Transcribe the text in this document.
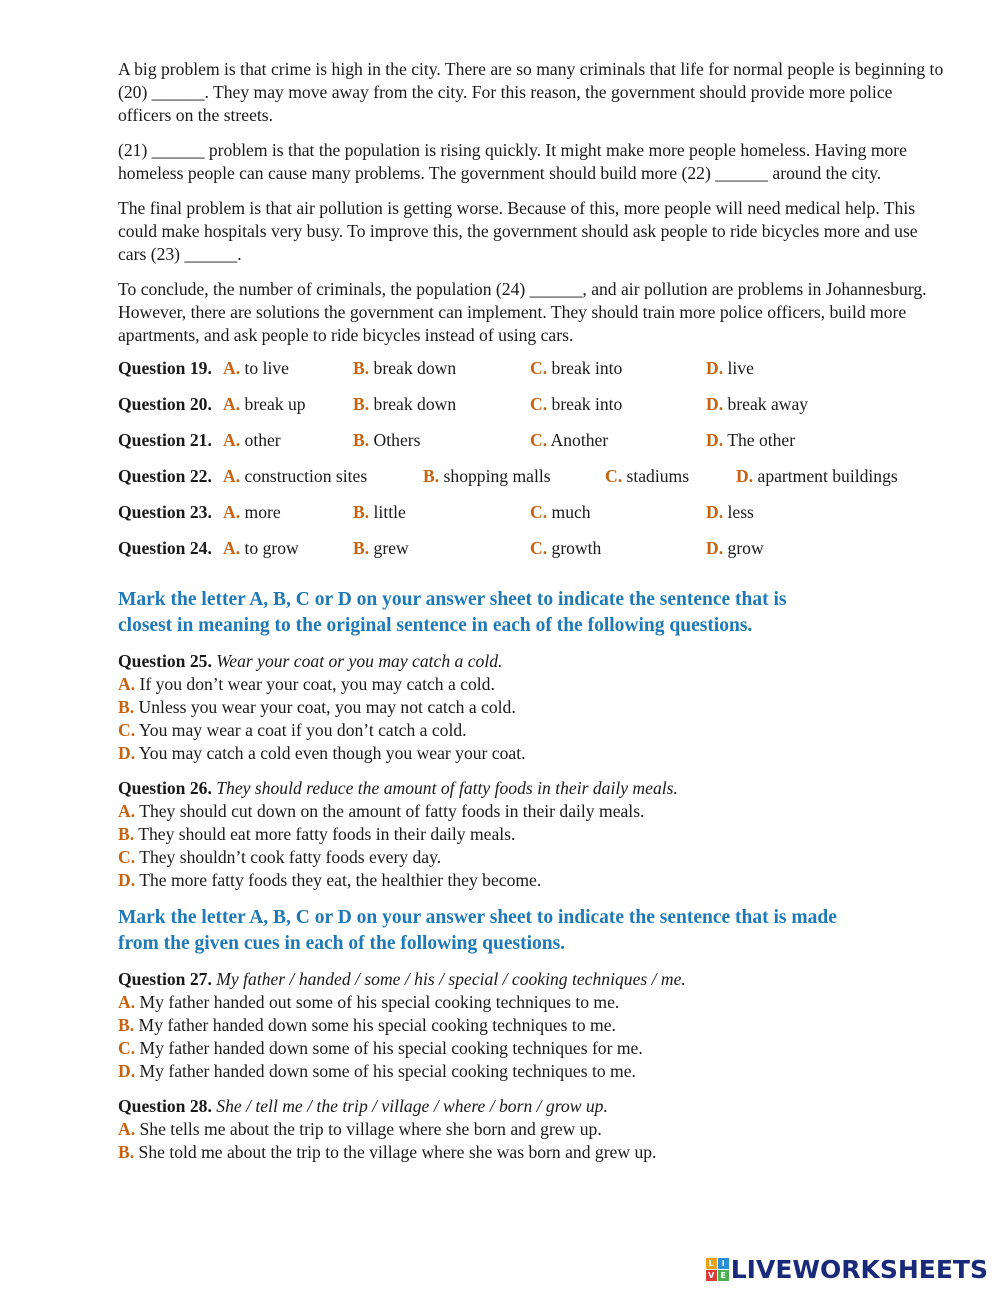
A big problem is that crime is high in the city. There are so many criminals that life for normal people is beginning to (20) ______. They may move away from the city. For this reason, the government should provide more police officers on the streets.

(21) ______ problem is that the population is rising quickly. It might make more people homeless. Having more homeless people can cause many problems. The government should build more (22) ______ around the city.

The final problem is that air pollution is getting worse. Because of this, more people will need medical help. This could make hospitals very busy. To improve this, the government should ask people to ride bicycles more and use cars (23) ______.

To conclude, the number of criminals, the population (24) ______, and air pollution are problems in Johannesburg. However, there are solutions the government can implement. They should train more police officers, build more apartments, and ask people to ride bicycles instead of using cars.

Question 19. A. to live	B. break down	C. break into	D. live
Question 20. A. break up	B. break down	C. break into	D. break away
Question 21. A. other	B. Others	C. Another	D. The other
Question 22. A. construction sites	B. shopping malls	C. stadiums	D. apartment buildings
Question 23. A. more	B. little	C. much	D. less
Question 24. A. to grow	B. grew	C. growth	D. grow
Mark the letter A, B, C or D on your answer sheet to indicate the sentence that is
closest in meaning to the original sentence in each of the following questions.
Question 25. Wear your coat or you may catch a cold.
A. If you don’t wear your coat, you may catch a cold.
B. Unless you wear your coat, you may not catch a cold.
C. You may wear a coat if you don’t catch a cold.
D. You may catch a cold even though you wear your coat.
Question 26. They should reduce the amount of fatty foods in their daily meals.
A. They should cut down on the amount of fatty foods in their daily meals.
B. They should eat more fatty foods in their daily meals.
C. They shouldn’t cook fatty foods every day.
D. The more fatty foods they eat, the healthier they become.
Mark the letter A, B, C or D on your answer sheet to indicate the sentence that is made
from the given cues in each of the following questions.
Question 27. My father / handed / some / his / special / cooking techniques / me.
A. My father handed out some of his special cooking techniques to me.
B. My father handed down some his special cooking techniques to me.
C. My father handed down some of his special cooking techniques for me.
D. My father handed down some of his special cooking techniques to me.
Question 28. She / tell me / the trip / village / where / born / grow up.
A. She tells me about the trip to village where she born and grew up.
B. She told me about the trip to the village where she was born and grew up.
L I
V E LIVEWORKSHEETS
